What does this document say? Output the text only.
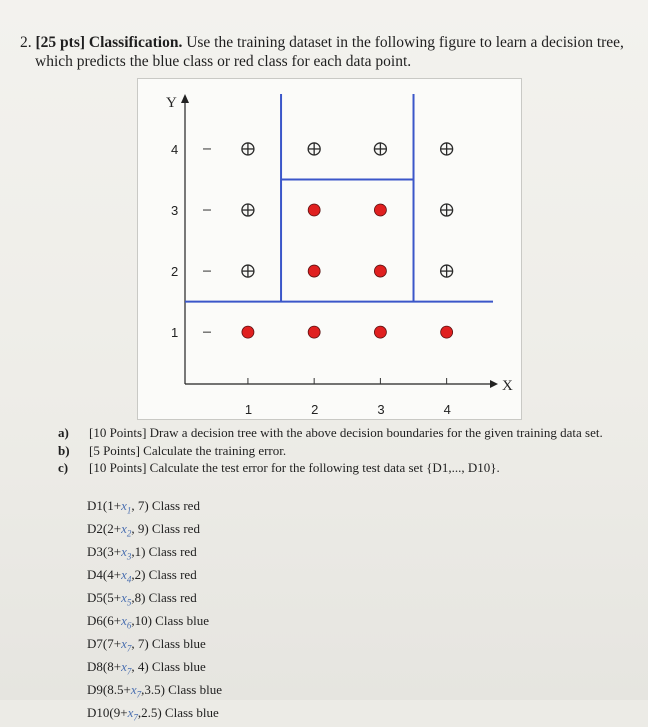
2. [25 pts] Classification. Use the training dataset in the following figure to learn a decision tree,
which predicts the blue class or red class for each data point.
X
Y
1	2	3	4
1
2
3
4
a) [10 Points] Draw a decision tree with the above decision boundaries for the given training data set.
b) [5 Points] Calculate the training error.
c) [10 Points] Calculate the test error for the following test data set {D1,..., D10}.
$D1(1+x_1$, 7) Class red
$D2(2+x_2$, 9) Class red
$D3(3+x_3,1)$ Class red
$D4(4+x_4,2)$ Class red
$D5(5+x_5,8)$ Class red
$D6(6+x_6,10)$ Class blue
$D7(7+x_7$, 7) Class blue
$D8(8+x_7$, 4) Class blue
$D9(8.5+x_7,3.5)$ Class blue
$D10(9+x_7,2.5)$ Class blue
